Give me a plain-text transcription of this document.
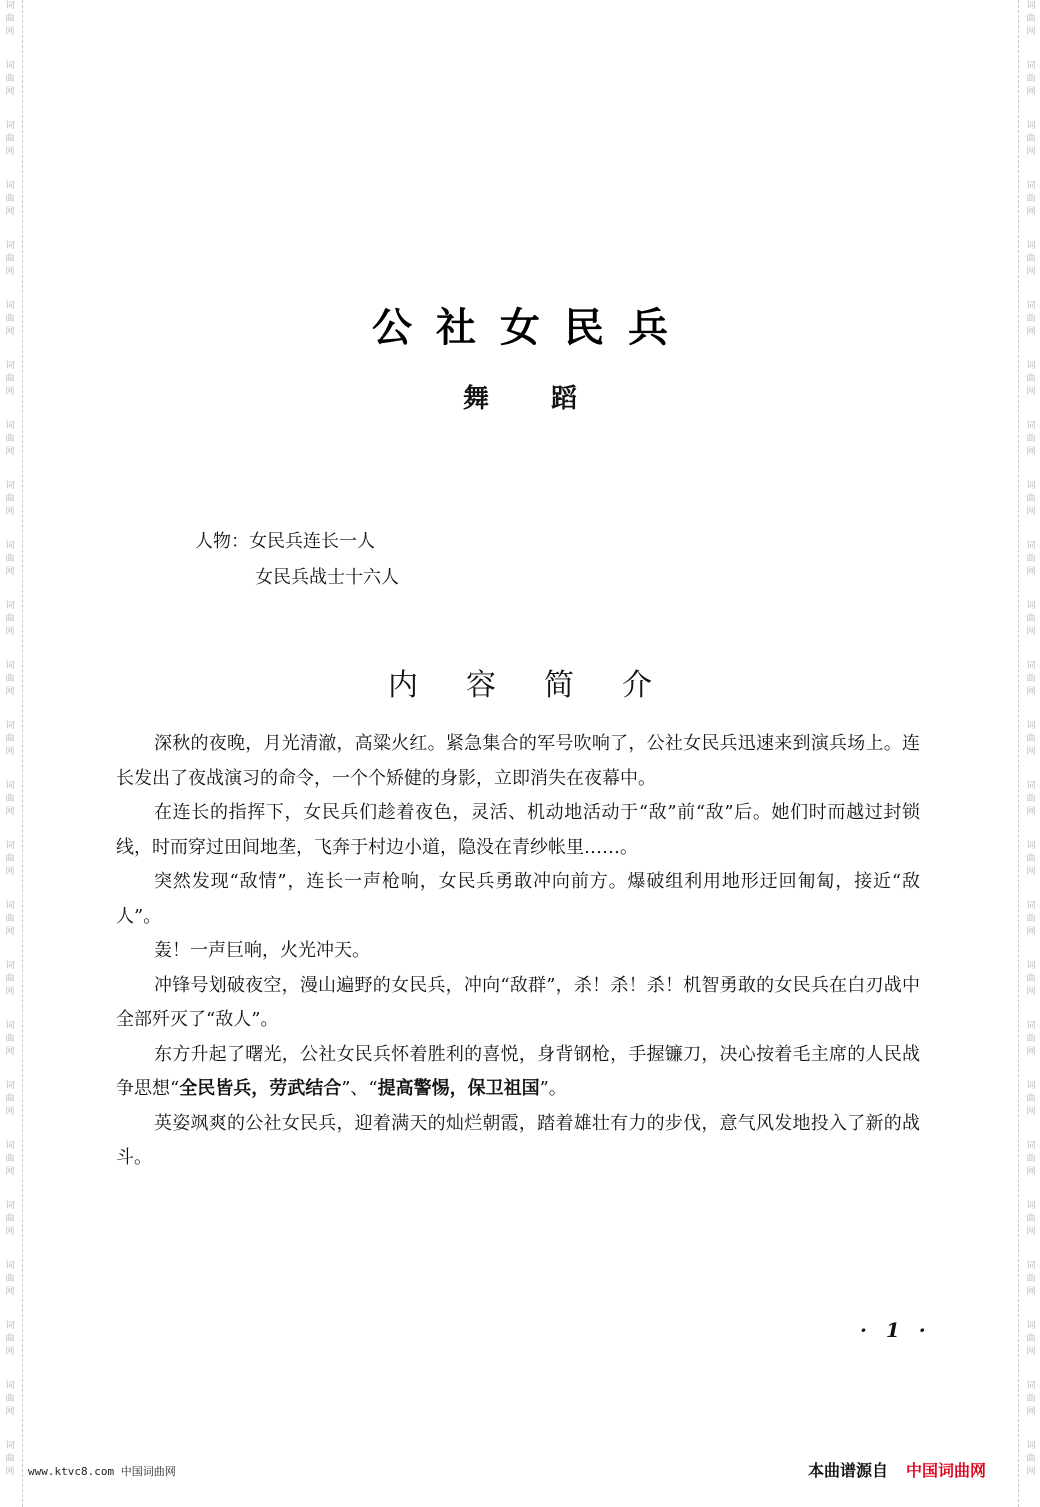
词
曲
网
词
曲
网
词
曲
网
词
曲
网
词
曲
网
词
曲
网
词
曲
网
词
曲
网
词
曲
网
词
曲
网
词
曲
网
词
曲
网
词
曲
网
词
曲
网
词
曲
网
词
曲
网
词
曲
网
词
曲
网
词
曲
网
词
曲
网
词
曲
网
词
曲
网
词
曲
网
词
曲
网
词
曲
网
词
曲
网
词
曲
网
词
曲
网
词
曲
网
词
曲
网
词
曲
网
词
曲
网
词
曲
网
词
曲
网
词
曲
网
词
曲
网
词
曲
网
词
曲
网
词
曲
网
词
曲
网
词
曲
网
词
曲
网
词
曲
网
词
曲
网
词
曲
网
词
曲
网
词
曲
网
词
曲
网
词
曲
网
词
曲
网
公社女民兵
舞蹈
人物：女民兵连长一人
女民兵战士十六人
内容简介

深秋的夜晚，月光清澈，高粱火红。紧急集合的军号吹响了，公社女民兵迅速来到演兵场上。连长发出了夜战演习的命令，一个个矫健的身影，立即消失在夜幕中。

在连长的指挥下，女民兵们趁着夜色，灵活、机动地活动于“敌”前“敌”后。她们时而越过封锁线，时而穿过田间地垄，飞奔于村边小道，隐没在青纱帐里……。

突然发现“敌情”，连长一声枪响，女民兵勇敢冲向前方。爆破组利用地形迂回匍匐，接近“敌人”。

轰！一声巨响，火光冲天。

冲锋号划破夜空，漫山遍野的女民兵，冲向“敌群”，杀！杀！杀！机智勇敢的女民兵在白刃战中全部歼灭了“敌人”。

东方升起了曙光，公社女民兵怀着胜利的喜悦，身背钢枪，手握镰刀，决心按着毛主席的人民战争思想“全民皆兵，劳武结合”、“提高警惕，保卫祖国”。

英姿飒爽的公社女民兵，迎着满天的灿烂朝霞，踏着雄壮有力的步伐，意气风发地投入了新的战斗。

· 1 ·
www.ktvc8.com 中国词曲网	本曲谱源自 中国词曲网
